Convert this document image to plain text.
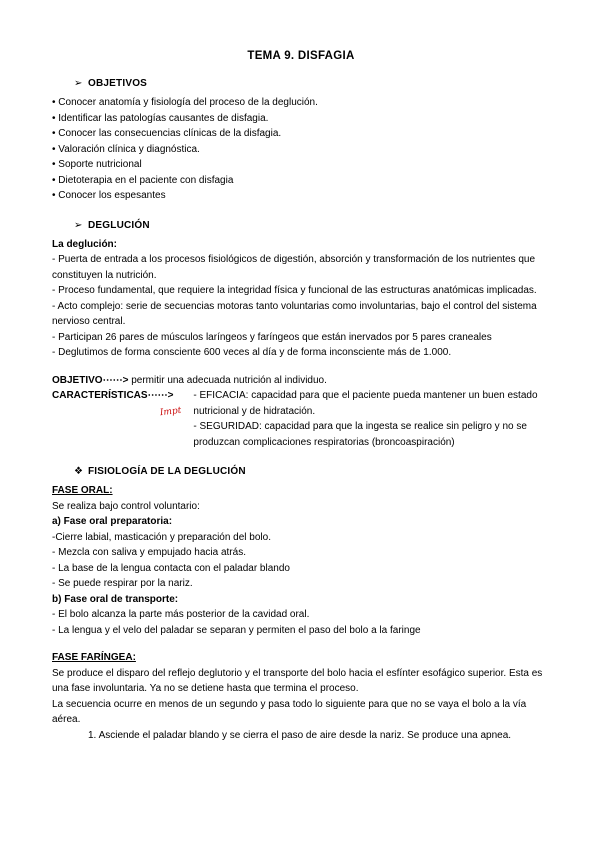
TEMA 9. DISFAGIA
➢ OBJETIVOS

• Conocer anatomía y fisiología del proceso de la deglución.

• Identificar las patologías causantes de disfagia.

• Conocer las consecuencias clínicas de la disfagia.

• Valoración clínica y diagnóstica.

• Soporte nutricional

• Dietoterapia en el paciente con disfagia

• Conocer los espesantes

➢ DEGLUCIÓN

La deglución:

- Puerta de entrada a los procesos fisiológicos de digestión, absorción y transformación de los nutrientes que constituyen la nutrición.

- Proceso fundamental, que requiere la integridad física y funcional de las estructuras anatómicas implicadas.

- Acto complejo: serie de secuencias motoras tanto voluntarias como involuntarias, bajo el control del sistema nervioso central.

- Participan 26 pares de músculos laríngeos y faríngeos que están inervados por 5 pares craneales

- Deglutimos de forma consciente 600 veces al día y de forma inconsciente más de 1.000.

OBJETIVO⋯⋯> permitir una adecuada nutrición al individuo.

CARACTERÍSTICAS ⋯⋯>	- EFICACIA: capacidad para que el paciente pueda mantener un buen estado nutricional y de hidratación.
- SEGURIDAD: capacidad para que la ingesta se realice sin peligro y no se produzcan complicaciones respiratorias (broncoaspiración)
Impt
❖ FISIOLOGÍA DE LA DEGLUCIÓN

FASE ORAL:

Se realiza bajo control voluntario:

a) Fase oral preparatoria:

-Cierre labial, masticación y preparación del bolo.

- Mezcla con saliva y empujado hacia atrás.

- La base de la lengua contacta con el paladar blando

- Se puede respirar por la nariz.

b) Fase oral de transporte:

- El bolo alcanza la parte más posterior de la cavidad oral.

- La lengua y el velo del paladar se separan y permiten el paso del bolo a la faringe

FASE FARÍNGEA:

Se produce el disparo del reflejo deglutorio y el transporte del bolo hacia el esfínter esofágico superior. Esta es una fase involuntaria. Ya no se detiene hasta que termina el proceso.

La secuencia ocurre en menos de un segundo y pasa todo lo siguiente para que no se vaya el bolo a la vía aérea.

1. Asciende el paladar blando y se cierra el paso de aire desde la nariz. Se produce una apnea.
